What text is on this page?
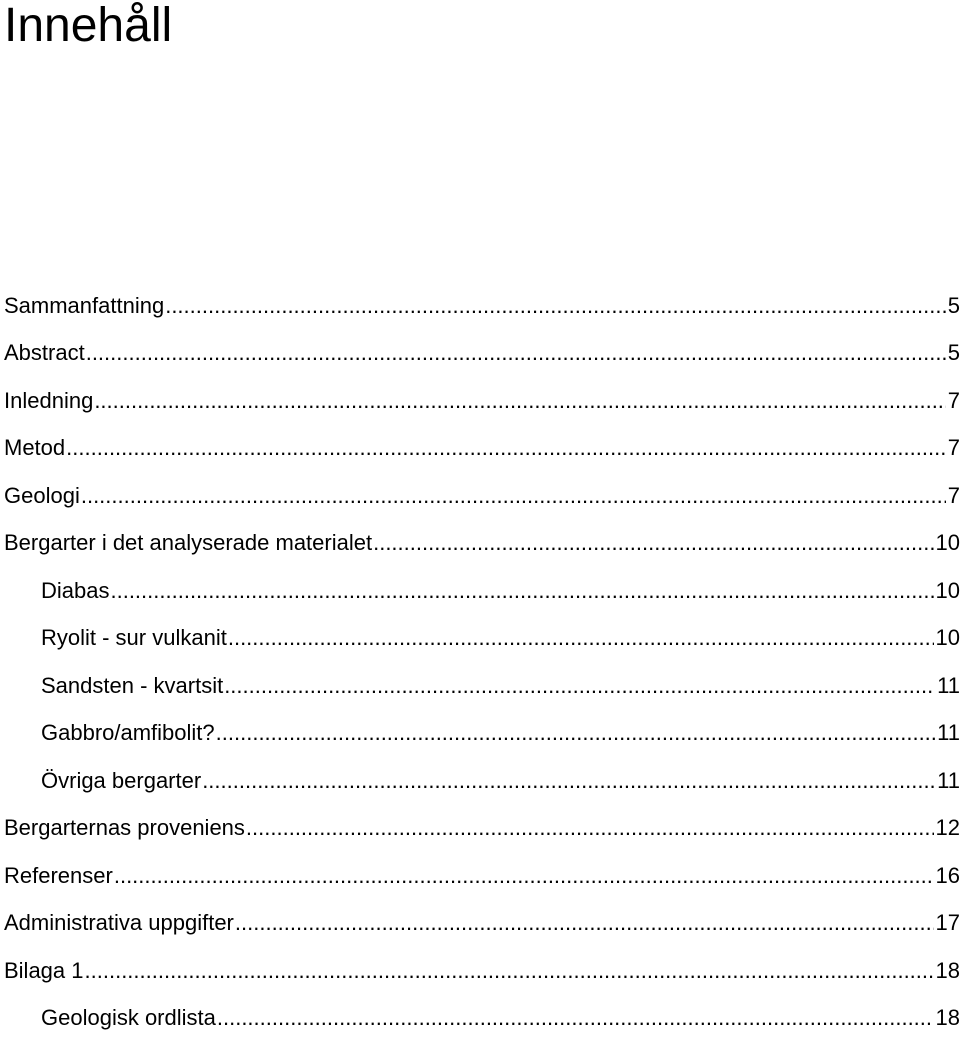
Innehåll
Sammanfattning .....	5
Abstract .....	5
Inledning .....	7
Metod .....	7
Geologi .....	7
Bergarter i det analyserade materialet .....	10
Diabas .....	10
Ryolit - sur vulkanit .....	10
Sandsten - kvartsit .....	11
Gabbro/amfibolit? .....	11
Övriga bergarter .....	11
Bergarternas proveniens .....	12
Referenser .....	16
Administrativa uppgifter .....	17
Bilaga 1 .....	18
Geologisk ordlista .....	18
